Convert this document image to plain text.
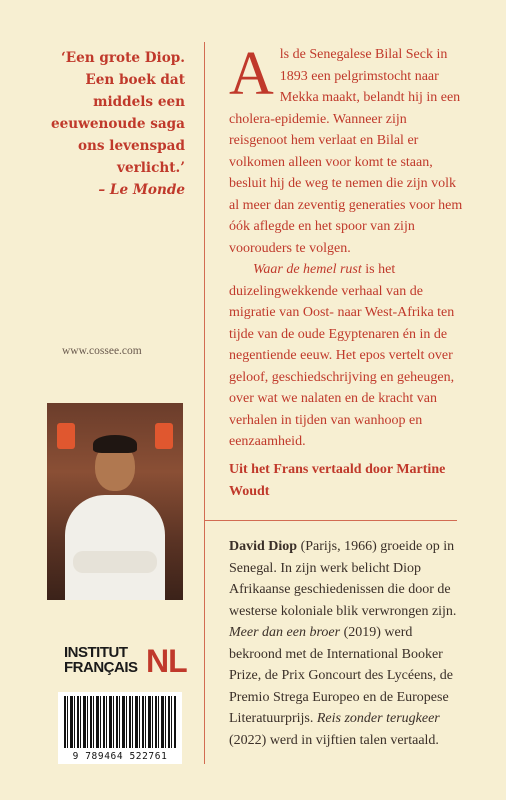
‘Een grote Diop. Een boek dat middels een eeuwenoude saga ons levenspad verlicht.’
– Le Monde
www.cossee.com
INSTITUT
FRANÇAIS NL
9 789464 522761
A ls de Senegalese Bilal Seck in 1893 een pelgrimstocht naar Mekka maakt, belandt hij in een cholera-epidemie. Wanneer zijn reisgenoot hem verlaat en Bilal er volkomen alleen voor komt te staan, besluit hij de weg te nemen die zijn volk al meer dan zeventig generaties voor hem óók aflegde en het spoor van zijn voorouders te volgen.

Waar de hemel rust is het duizelingwekkende verhaal van de migratie van Oost- naar West-Afrika ten tijde van de oude Egyptenaren én in de negentiende eeuw. Het epos vertelt over geloof, geschiedschrijving en geheugen, over wat we nalaten en de kracht van verhalen in tijden van wanhoop en eenzaamheid.

Uit het Frans vertaald door Martine Woudt
David Diop (Parijs, 1966) groeide op in Senegal. In zijn werk belicht Diop Afrikaanse geschiedenissen die door de westerse koloniale blik verwrongen zijn. Meer dan een broer (2019) werd bekroond met de International Booker Prize, de Prix Goncourt des Lycéens, de Premio Strega Europeo en de Europese Literatuurprijs. Reis zonder terugkeer (2022) werd in vijftien talen vertaald.
